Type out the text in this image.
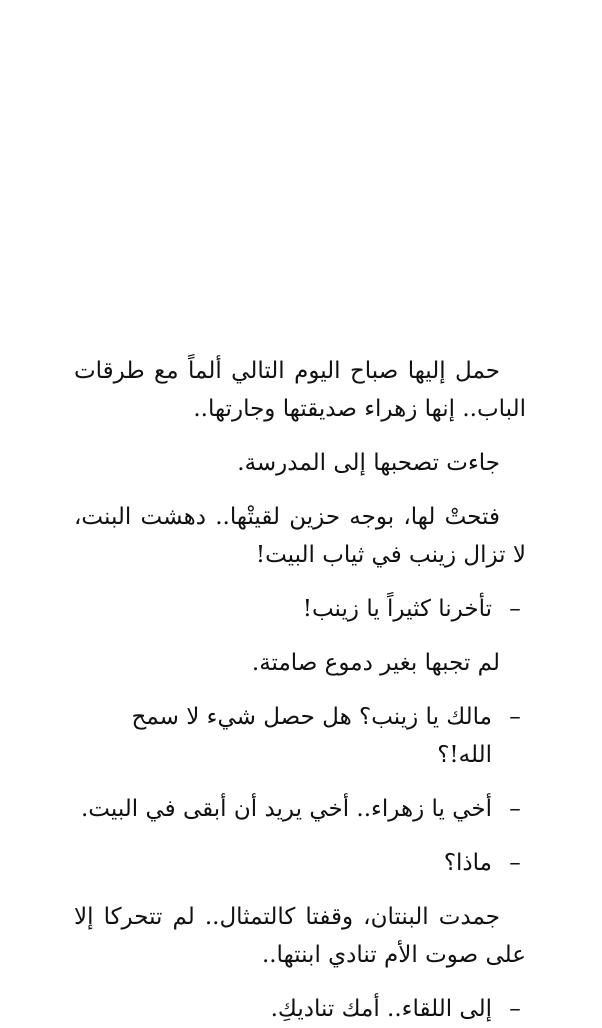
حمل إليها صباح اليوم التالي ألماً مع طرقات الباب.. إنها زهراء صديقتها وجارتها..

جاءت تصحبها إلى المدرسة.

فتحتْ لها، بوجه حزين لقيتْها.. دهشت البنت، لا تزال زينب في ثياب البيت!

–
تأخرنا كثيراً يا زينب!

لم تجبها بغير دموع صامتة.

–
مالك يا زينب؟ هل حصل شيء لا سمح الله!؟

–
أخي يا زهراء.. أخي يريد أن أبقى في البيت.

–
ماذا؟

جمدت البنتان، وقفتا كالتمثال.. لم تتحركا إلا على صوت الأم تنادي ابنتها..

–
إلى اللقاء.. أمك تناديكِ.
